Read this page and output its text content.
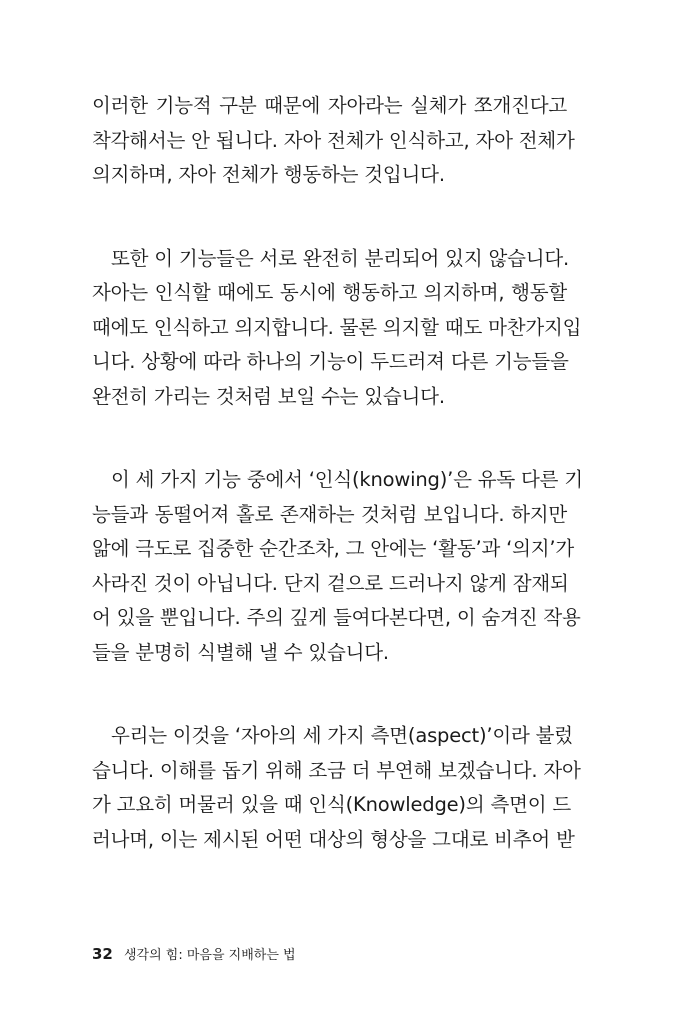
이러한 기능적 구분 때문에 자아라는 실체가 쪼개진다고
착각해서는 안 됩니다. 자아 전체가 인식하고, 자아 전체가
의지하며, 자아 전체가 행동하는 것입니다.
또한 이 기능들은 서로 완전히 분리되어 있지 않습니다.
자아는 인식할 때에도 동시에 행동하고 의지하며, 행동할
때에도 인식하고 의지합니다. 물론 의지할 때도 마찬가지입
니다. 상황에 따라 하나의 기능이 두드러져 다른 기능들을
완전히 가리는 것처럼 보일 수는 있습니다.
이 세 가지 기능 중에서 ‘인식(knowing)’은 유독 다른 기
능들과 동떨어져 홀로 존재하는 것처럼 보입니다. 하지만
앎에 극도로 집중한 순간조차, 그 안에는 ‘활동’과 ‘의지’가
사라진 것이 아닙니다. 단지 겉으로 드러나지 않게 잠재되
어 있을 뿐입니다. 주의 깊게 들여다본다면, 이 숨겨진 작용
들을 분명히 식별해 낼 수 있습니다.
우리는 이것을 ‘자아의 세 가지 측면(aspect)’이라 불렀
습니다. 이해를 돕기 위해 조금 더 부연해 보겠습니다. 자아
가 고요히 머물러 있을 때 인식(Knowledge)의 측면이 드
러나며, 이는 제시된 어떤 대상의 형상을 그대로 비추어 받
32 생각의 힘: 마음을 지배하는 법
